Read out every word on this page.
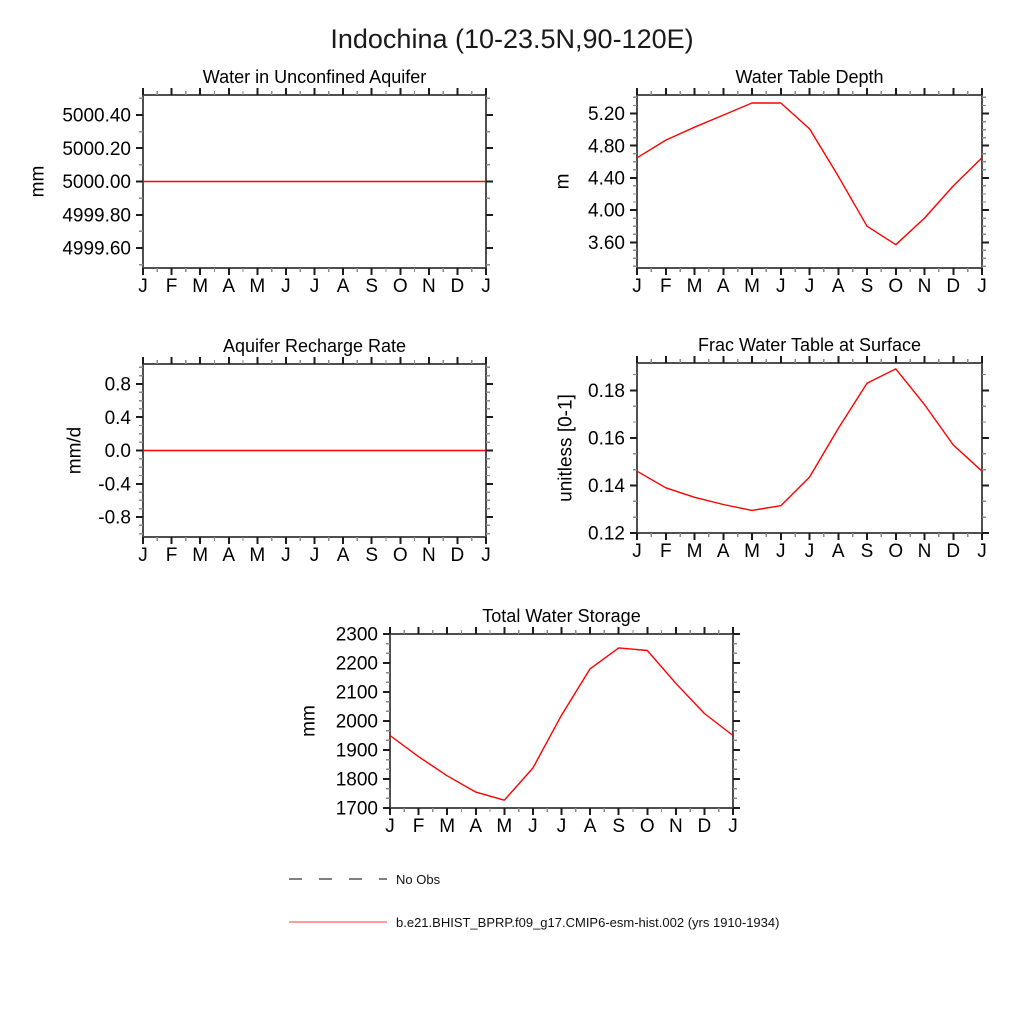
Indochina (10-23.5N,90-120E)
4999.60
4999.80
5000.00
5000.20
5000.40
J F M A M J J A S O N D J
Water in Unconfined Aquifer
mm
3.60
4.00
4.40
4.80
5.20
J F M A M J J A S O N D J
Water Table Depth
m
-0.8
-0.4
0.0
0.4
0.8
J F M A M J J A S O N D J
Aquifer Recharge Rate
mm/d
0.12
0.14
0.16
0.18
J F M A M J J A S O N D J
Frac Water Table at Surface
unitless [0-1]
1700
1800
1900
2000
2100
2200
2300
J F M A M J J A S O N D J
Total Water Storage
mm
No Obs
b.e21.BHIST_BPRP.f09_g17.CMIP6-esm-hist.002 (yrs 1910-1934)
